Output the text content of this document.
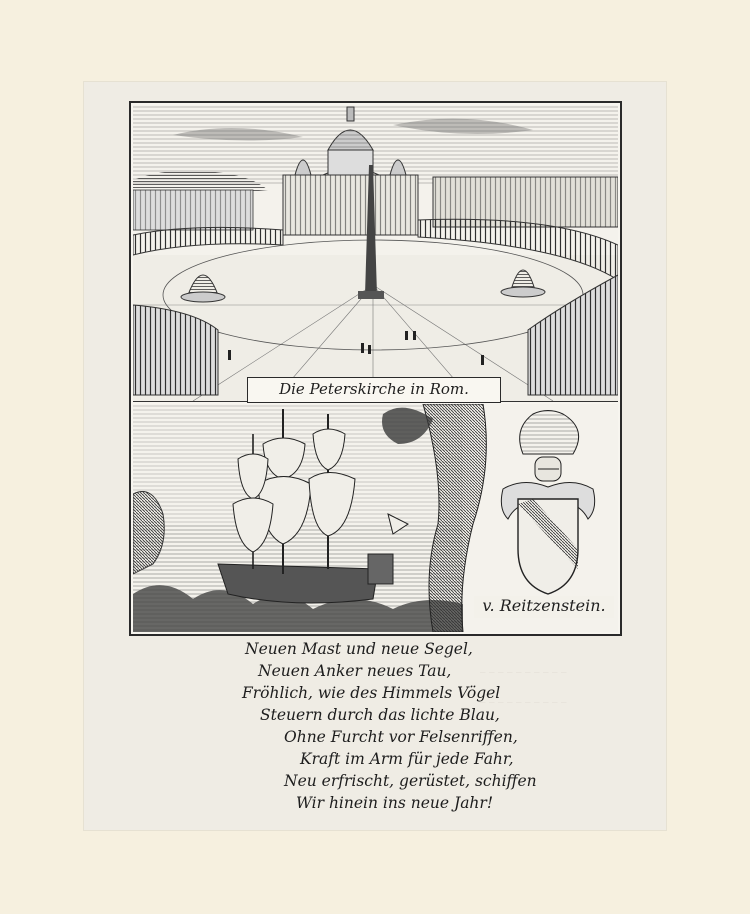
Die Peterskirche in Rom.
v. Reitzenstein.
_ _ _ _ _ _ _ _ _ _
_ _ _ _ _ _ _ _ _ _
Neuen Mast und neue Segel,
Neuen Anker neues Tau,
Fröhlich, wie des Himmels Vögel
Steuern durch das lichte Blau,
Ohne Furcht vor Felsenriffen,
Kraft im Arm für jede Fahr,
Neu erfrischt, gerüstet, schiffen
Wir hinein ins neue Jahr!
